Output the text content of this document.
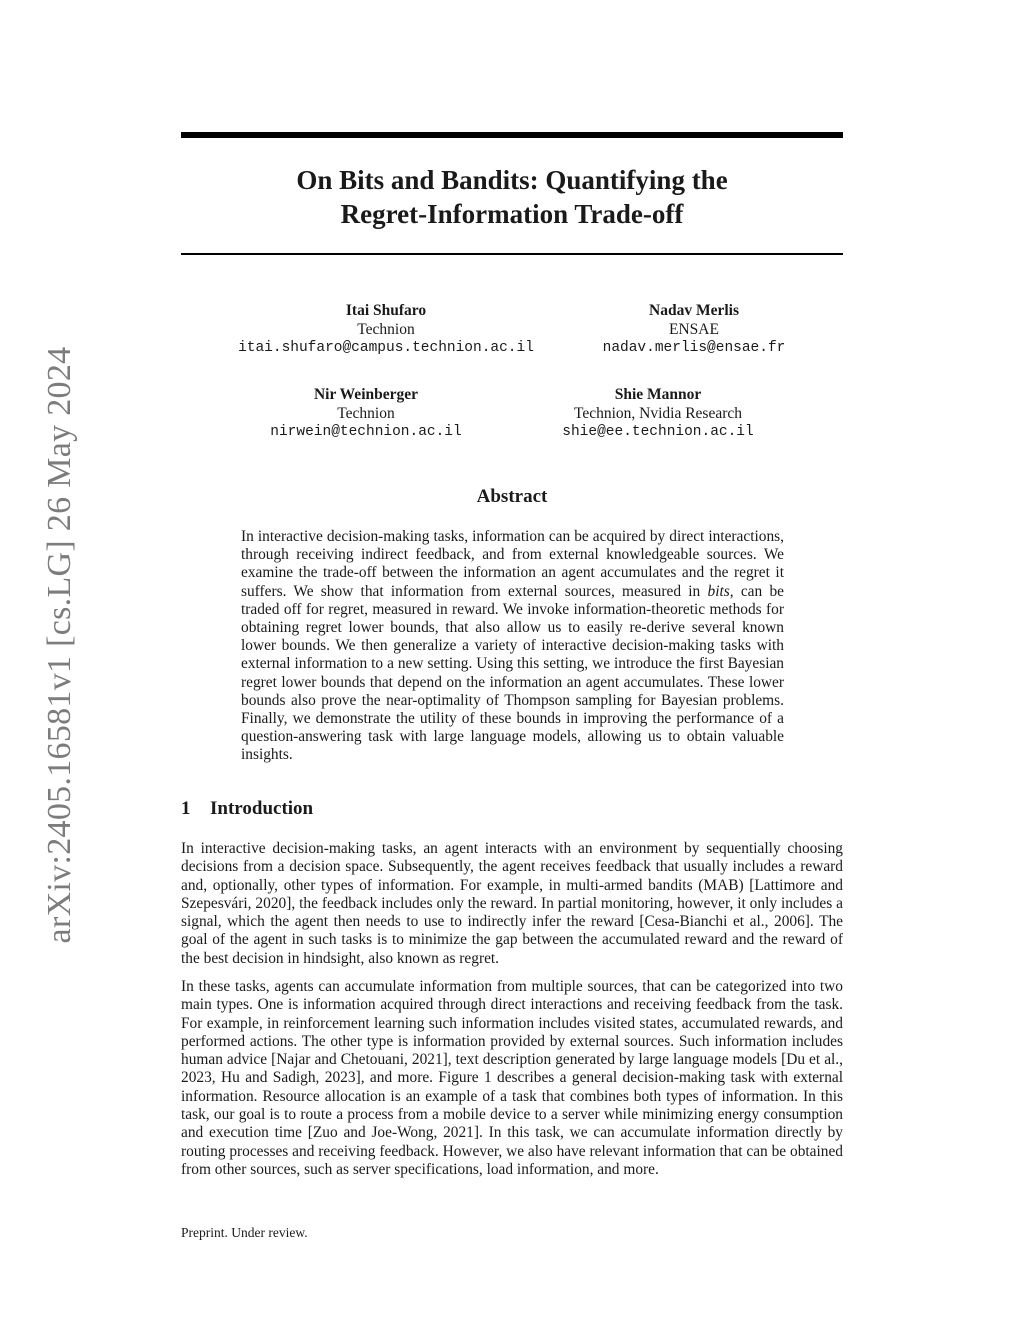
arXiv:2405.16581v1 [cs.LG] 26 May 2024
On Bits and Bandits: Quantifying the
Regret-Information Trade-off
Itai Shufaro
Technion
itai.shufaro@campus.technion.ac.il
Nadav Merlis
ENSAE
nadav.merlis@ensae.fr
Nir Weinberger
Technion
nirwein@technion.ac.il
Shie Mannor
Technion, Nvidia Research
shie@ee.technion.ac.il
Abstract

In interactive decision-making tasks, information can be acquired by direct interactions, through receiving indirect feedback, and from external knowledgeable sources. We examine the trade-off between the information an agent accumulates and the regret it suffers. We show that information from external sources, measured in bits, can be traded off for regret, measured in reward. We invoke information-theoretic methods for obtaining regret lower bounds, that also allow us to easily re-derive several known lower bounds. We then generalize a variety of interactive decision-making tasks with external information to a new setting. Using this setting, we introduce the first Bayesian regret lower bounds that depend on the information an agent accumulates. These lower bounds also prove the near-optimality of Thompson sampling for Bayesian problems. Finally, we demonstrate the utility of these bounds in improving the performance of a question-answering task with large language models, allowing us to obtain valuable insights.

1 Introduction

In interactive decision-making tasks, an agent interacts with an environment by sequentially choosing decisions from a decision space. Subsequently, the agent receives feedback that usually includes a reward and, optionally, other types of information. For example, in multi-armed bandits (MAB) [Lattimore and Szepesvári, 2020], the feedback includes only the reward. In partial monitoring, however, it only includes a signal, which the agent then needs to use to indirectly infer the reward [Cesa-Bianchi et al., 2006]. The goal of the agent in such tasks is to minimize the gap between the accumulated reward and the reward of the best decision in hindsight, also known as regret.

In these tasks, agents can accumulate information from multiple sources, that can be categorized into two main types. One is information acquired through direct interactions and receiving feedback from the task. For example, in reinforcement learning such information includes visited states, accumulated rewards, and performed actions. The other type is information provided by external sources. Such information includes human advice [Najar and Chetouani, 2021], text description generated by large language models [Du et al., 2023, Hu and Sadigh, 2023], and more. Figure 1 describes a general decision-making task with external information. Resource allocation is an example of a task that combines both types of information. In this task, our goal is to route a process from a mobile device to a server while minimizing energy consumption and execution time [Zuo and Joe-Wong, 2021]. In this task, we can accumulate information directly by routing processes and receiving feedback. However, we also have relevant information that can be obtained from other sources, such as server specifications, load information, and more.

Preprint. Under review.
